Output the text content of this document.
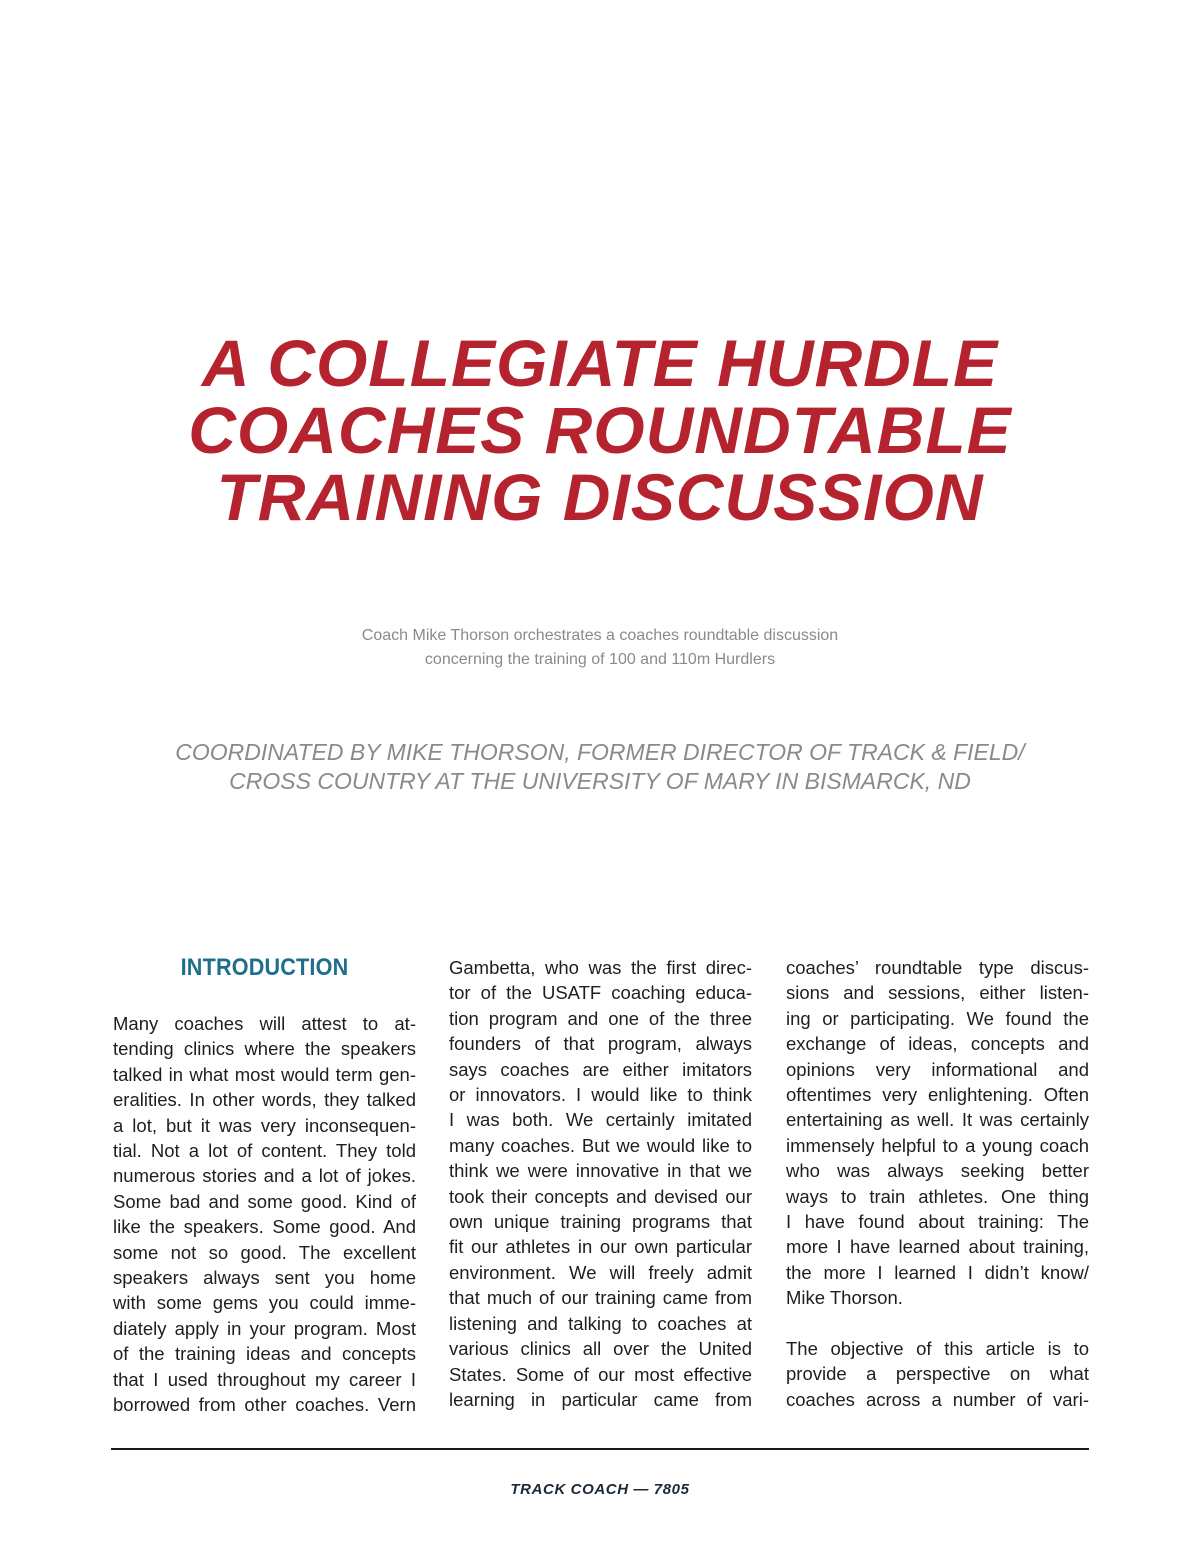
A COLLEGIATE HURDLE
COACHES ROUNDTABLE
TRAINING DISCUSSION
Coach Mike Thorson orchestrates a coaches roundtable discussion
concerning the training of 100 and 110m Hurdlers
COORDINATED BY MIKE THORSON, FORMER DIRECTOR OF TRACK & FIELD/
CROSS COUNTRY AT THE UNIVERSITY OF MARY IN BISMARCK, ND
INTRODUCTION

Many coaches will attest to at-
tending clinics where the speakers
talked in what most would term gen-
eralities. In other words, they talked
a lot, but it was very inconsequen-
tial. Not a lot of content. They told
numerous stories and a lot of jokes.
Some bad and some good. Kind of
like the speakers. Some good. And
some not so good. The excellent
speakers always sent you home
with some gems you could imme-
diately apply in your program. Most
of the training ideas and concepts
that I used throughout my career I
borrowed from other coaches. Vern

Gambetta, who was the first direc-
tor of the USATF coaching educa-
tion program and one of the three
founders of that program, always
says coaches are either imitators
or innovators. I would like to think
I was both. We certainly imitated
many coaches. But we would like to
think we were innovative in that we
took their concepts and devised our
own unique training programs that
fit our athletes in our own particular
environment. We will freely admit
that much of our training came from
listening and talking to coaches at
various clinics all over the United
States. Some of our most effective
learning in particular came from

coaches’ roundtable type discus-
sions and sessions, either listen-
ing or participating. We found the
exchange of ideas, concepts and
opinions very informational and
oftentimes very enlightening. Often
entertaining as well. It was certainly
immensely helpful to a young coach
who was always seeking better
ways to train athletes. One thing
I have found about training: The
more I have learned about training,
the more I learned I didn’t know/
Mike Thorson.

The objective of this article is to
provide a perspective on what
coaches across a number of vari-

TRACK COACH — 7805
